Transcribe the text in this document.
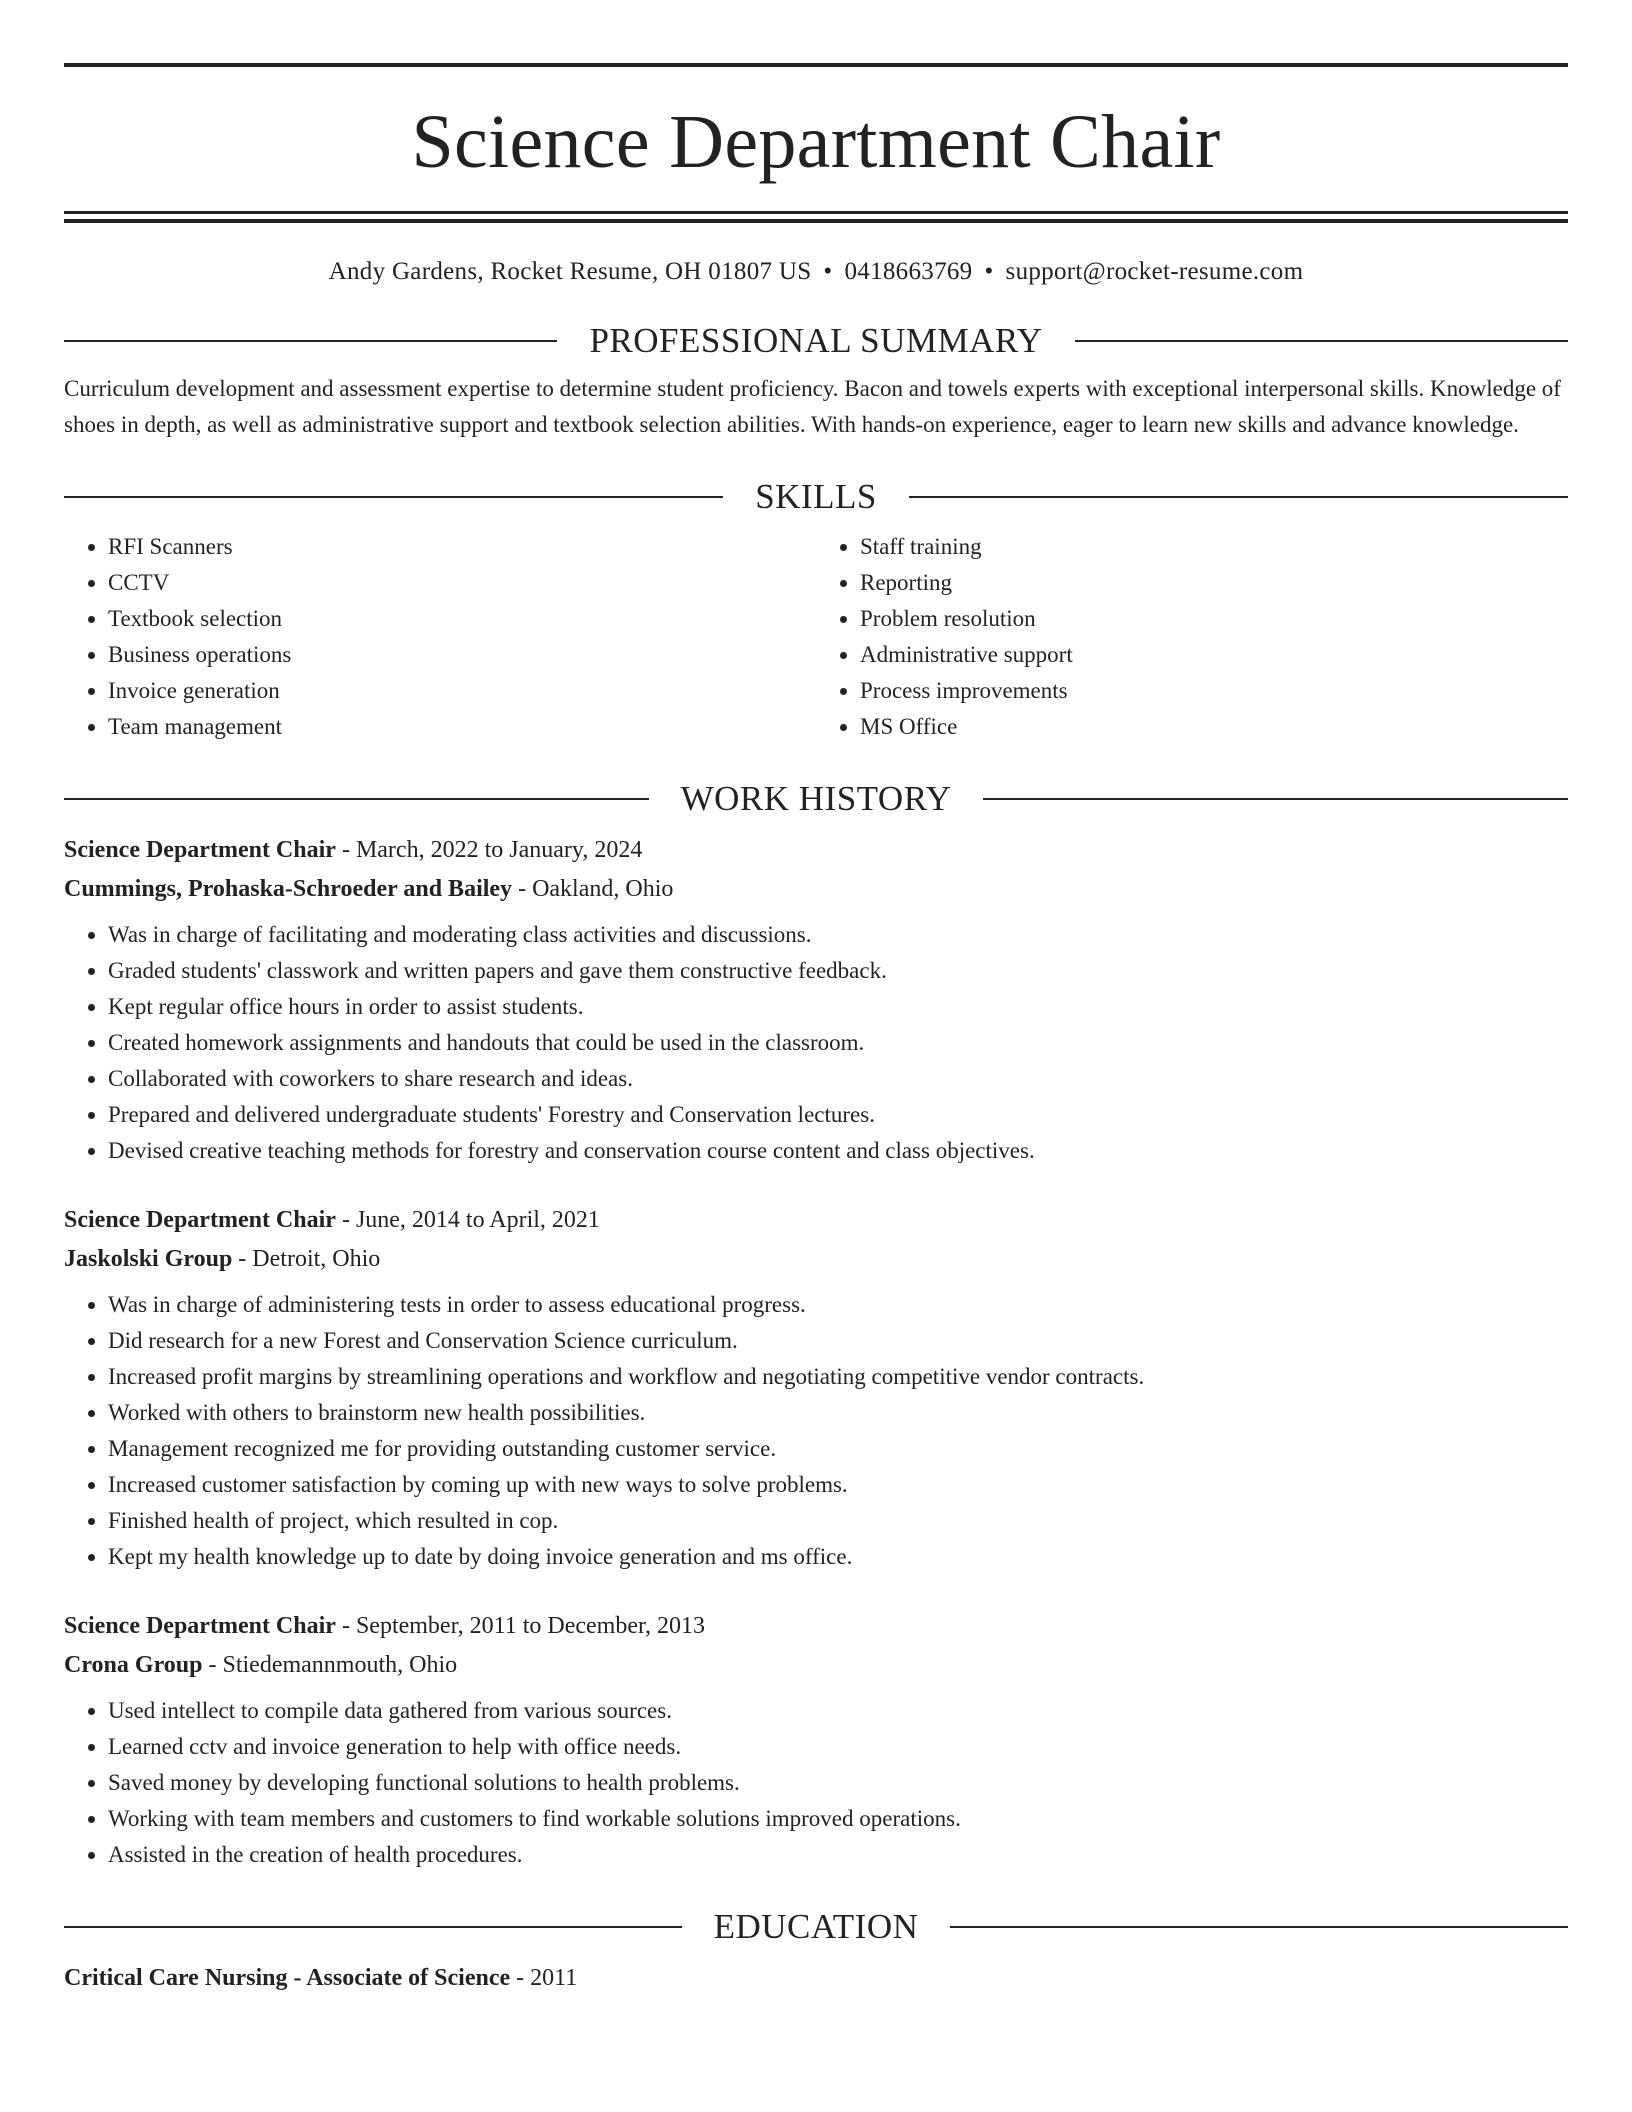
Science Department Chair
Andy Gardens, Rocket Resume, OH 01807 US • 0418663769 • support@rocket-resume.com
PROFESSIONAL SUMMARY
Curriculum development and assessment expertise to determine student proficiency. Bacon and towels experts with exceptional interpersonal skills. Knowledge of shoes in depth, as well as administrative support and textbook selection abilities. With hands-on experience, eager to learn new skills and advance knowledge.
SKILLS
• RFI Scanners
• CCTV
• Textbook selection
• Business operations
• Invoice generation
• Team management
• Staff training
• Reporting
• Problem resolution
• Administrative support
• Process improvements
• MS Office
WORK HISTORY
Science Department Chair - March, 2022 to January, 2024
Cummings, Prohaska-Schroeder and Bailey - Oakland, Ohio
• Was in charge of facilitating and moderating class activities and discussions.
• Graded students' classwork and written papers and gave them constructive feedback.
• Kept regular office hours in order to assist students.
• Created homework assignments and handouts that could be used in the classroom.
• Collaborated with coworkers to share research and ideas.
• Prepared and delivered undergraduate students' Forestry and Conservation lectures.
• Devised creative teaching methods for forestry and conservation course content and class objectives.
Science Department Chair - June, 2014 to April, 2021
Jaskolski Group - Detroit, Ohio
• Was in charge of administering tests in order to assess educational progress.
• Did research for a new Forest and Conservation Science curriculum.
• Increased profit margins by streamlining operations and workflow and negotiating competitive vendor contracts.
• Worked with others to brainstorm new health possibilities.
• Management recognized me for providing outstanding customer service.
• Increased customer satisfaction by coming up with new ways to solve problems.
• Finished health of project, which resulted in cop.
• Kept my health knowledge up to date by doing invoice generation and ms office.
Science Department Chair - September, 2011 to December, 2013
Crona Group - Stiedemannmouth, Ohio
• Used intellect to compile data gathered from various sources.
• Learned cctv and invoice generation to help with office needs.
• Saved money by developing functional solutions to health problems.
• Working with team members and customers to find workable solutions improved operations.
• Assisted in the creation of health procedures.
EDUCATION
Critical Care Nursing - Associate of Science - 2011
